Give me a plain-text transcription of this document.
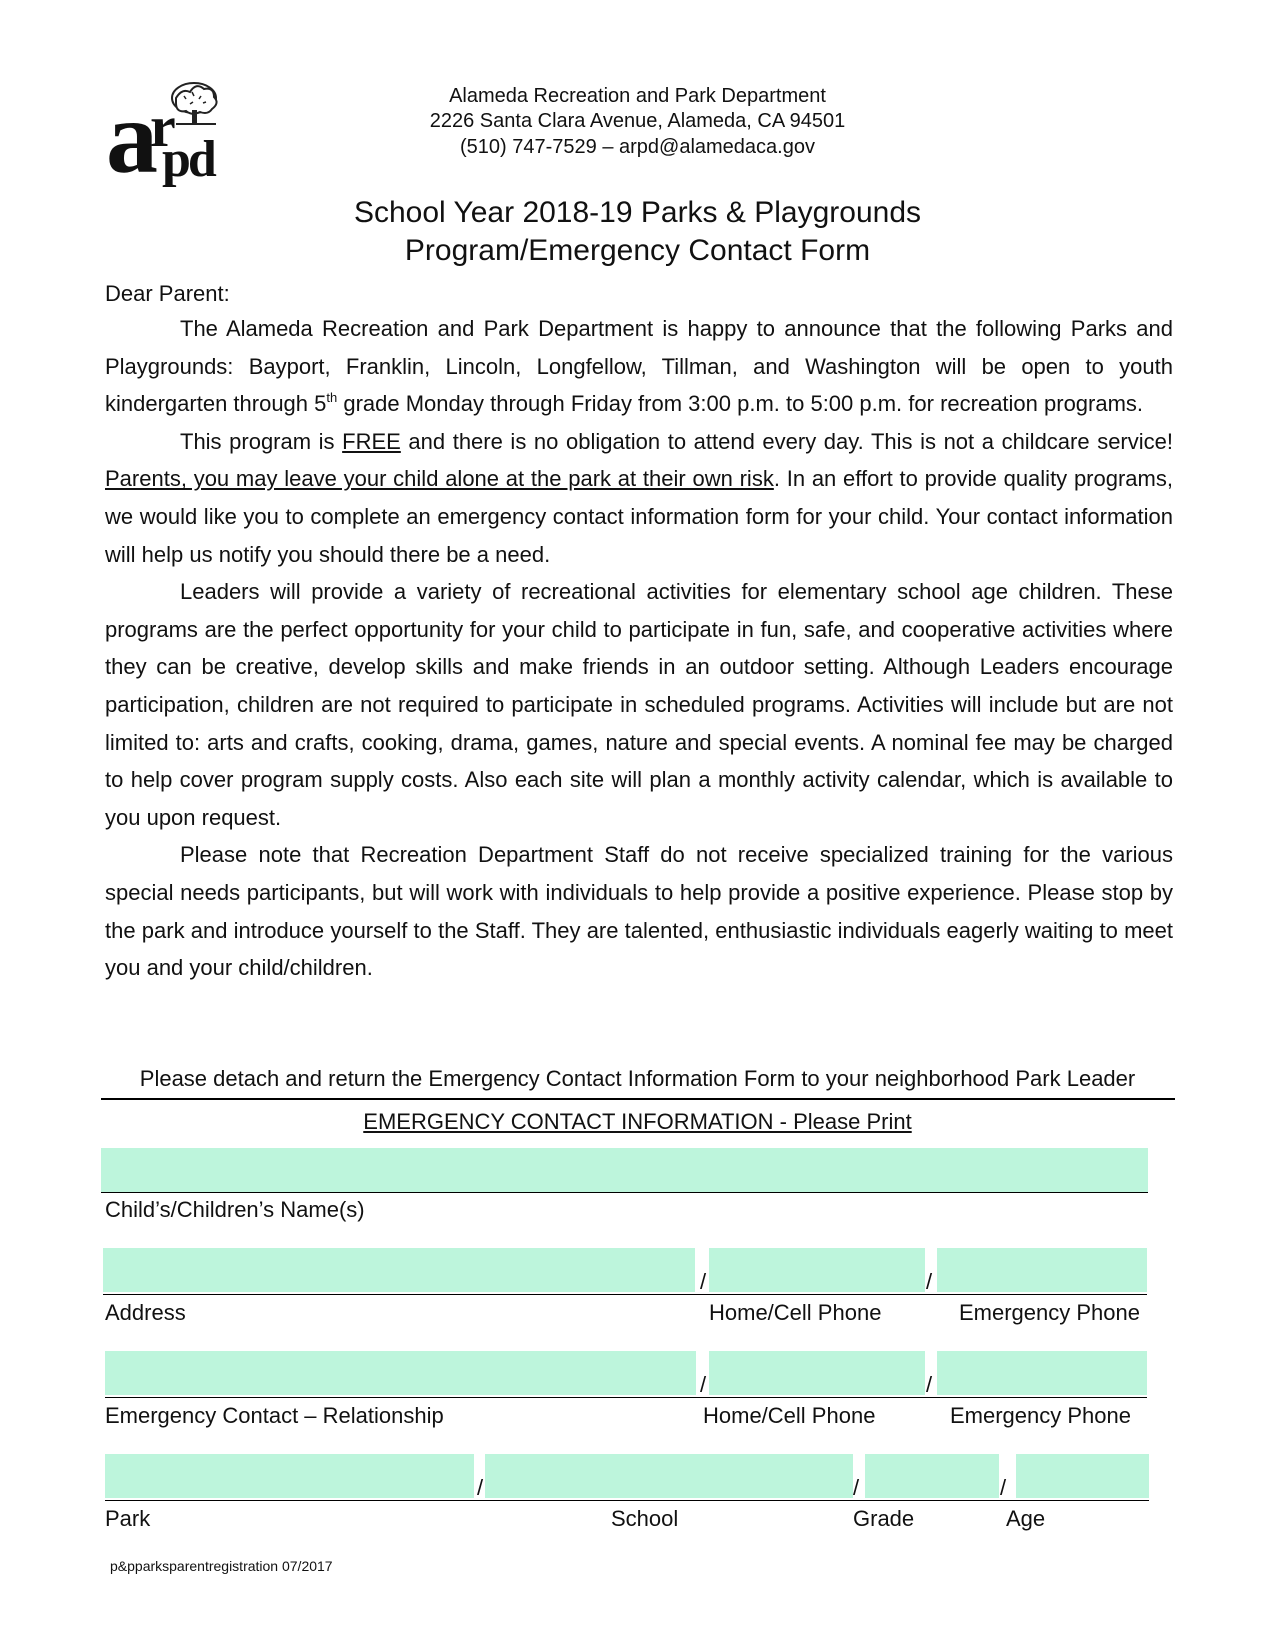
a
r
pd
Alameda Recreation and Park Department
2226 Santa Clara Avenue, Alameda, CA 94501
(510) 747-7529 – arpd@alamedaca.gov
School Year 2018-19 Parks & Playgrounds
Program/Emergency Contact Form
Dear Parent:

The Alameda Recreation and Park Department is happy to announce that the following Parks and Playgrounds: Bayport, Franklin, Lincoln, Longfellow, Tillman, and Washington will be open to youth kindergarten through 5th grade Monday through Friday from 3:00 p.m. to 5:00 p.m. for recreation programs.

This program is FREE and there is no obligation to attend every day. This is not a childcare service! Parents, you may leave your child alone at the park at their own risk. In an effort to provide quality programs, we would like you to complete an emergency contact information form for your child. Your contact information will help us notify you should there be a need.

Leaders will provide a variety of recreational activities for elementary school age children. These programs are the perfect opportunity for your child to participate in fun, safe, and cooperative activities where they can be creative, develop skills and make friends in an outdoor setting. Although Leaders encourage participation, children are not required to participate in scheduled programs. Activities will include but are not limited to: arts and crafts, cooking, drama, games, nature and special events. A nominal fee may be charged to help cover program supply costs. Also each site will plan a monthly activity calendar, which is available to you upon request.

Please note that Recreation Department Staff do not receive specialized training for the various special needs participants, but will work with individuals to help provide a positive experience. Please stop by the park and introduce yourself to the Staff. They are talented, enthusiastic individuals eagerly waiting to meet you and your child/children.

Please detach and return the Emergency Contact Information Form to your neighborhood Park Leader
EMERGENCY CONTACT INFORMATION - Please Print
Child’s/Children’s Name(s)
/	/
Address	Home/Cell Phone	Emergency Phone
/	/
Emergency Contact – Relationship	Home/Cell Phone	Emergency Phone
/	/	/
Park	School	Grade	Age
p&pparksparentregistration 07/2017
